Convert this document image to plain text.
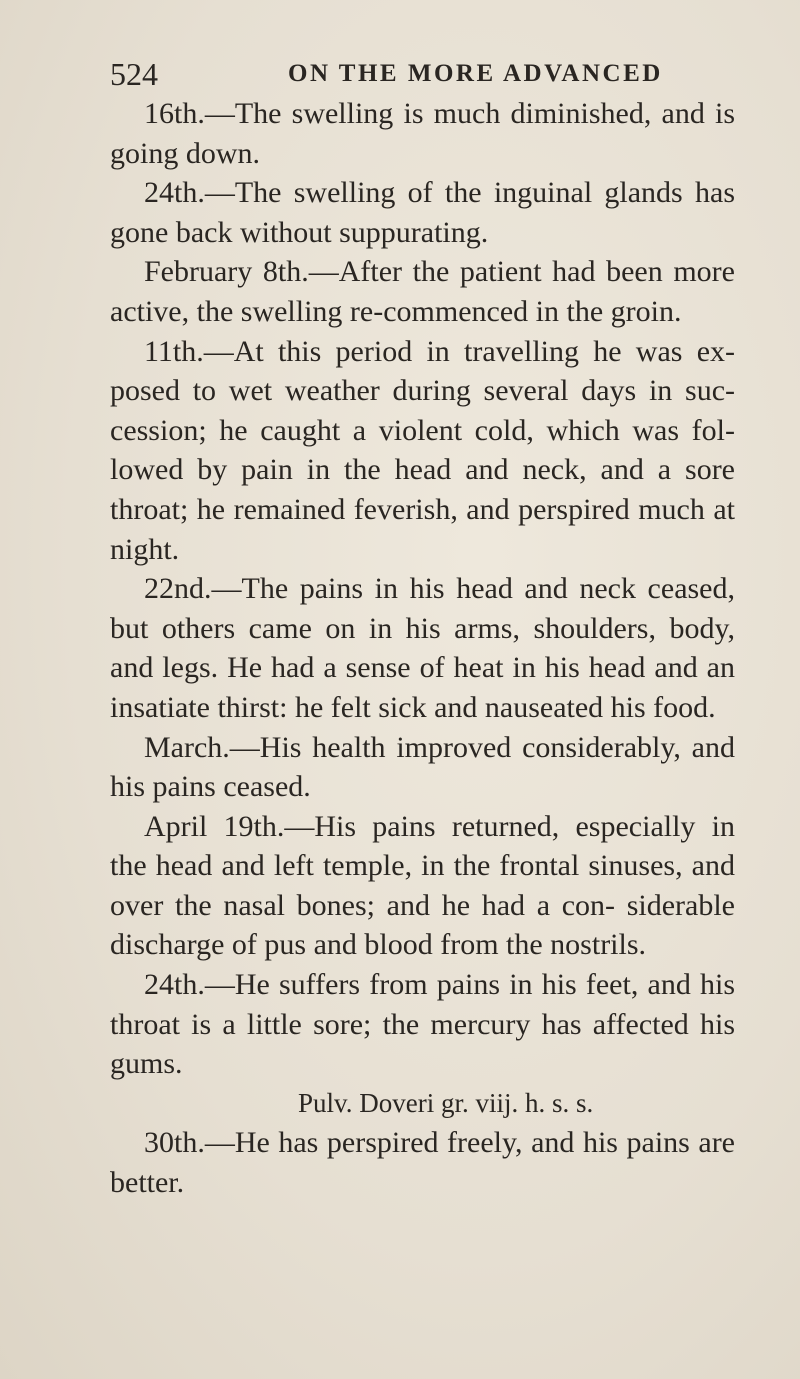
524	ON THE MORE ADVANCED

16th.—The swelling is much diminished, and is going down.

24th.—The swelling of the inguinal glands has gone back without suppurating.

February 8th.—After the patient had been more active, the swelling re-commenced in the groin.

11th.—At this period in travelling he was ex- posed to wet weather during several days in suc- cession; he caught a violent cold, which was fol- lowed by pain in the head and neck, and a sore throat; he remained feverish, and perspired much at night.

22nd.—The pains in his head and neck ceased, but others came on in his arms, shoulders, body, and legs. He had a sense of heat in his head and an insatiate thirst: he felt sick and nauseated his food.

March.—His health improved considerably, and his pains ceased.

April 19th.—His pains returned, especially in the head and left temple, in the frontal sinuses, and over the nasal bones; and he had a con- siderable discharge of pus and blood from the nostrils.

24th.—He suffers from pains in his feet, and his throat is a little sore; the mercury has affected his gums.

Pulv. Doveri gr. viij. h. s. s.

30th.—He has perspired freely, and his pains are better.
